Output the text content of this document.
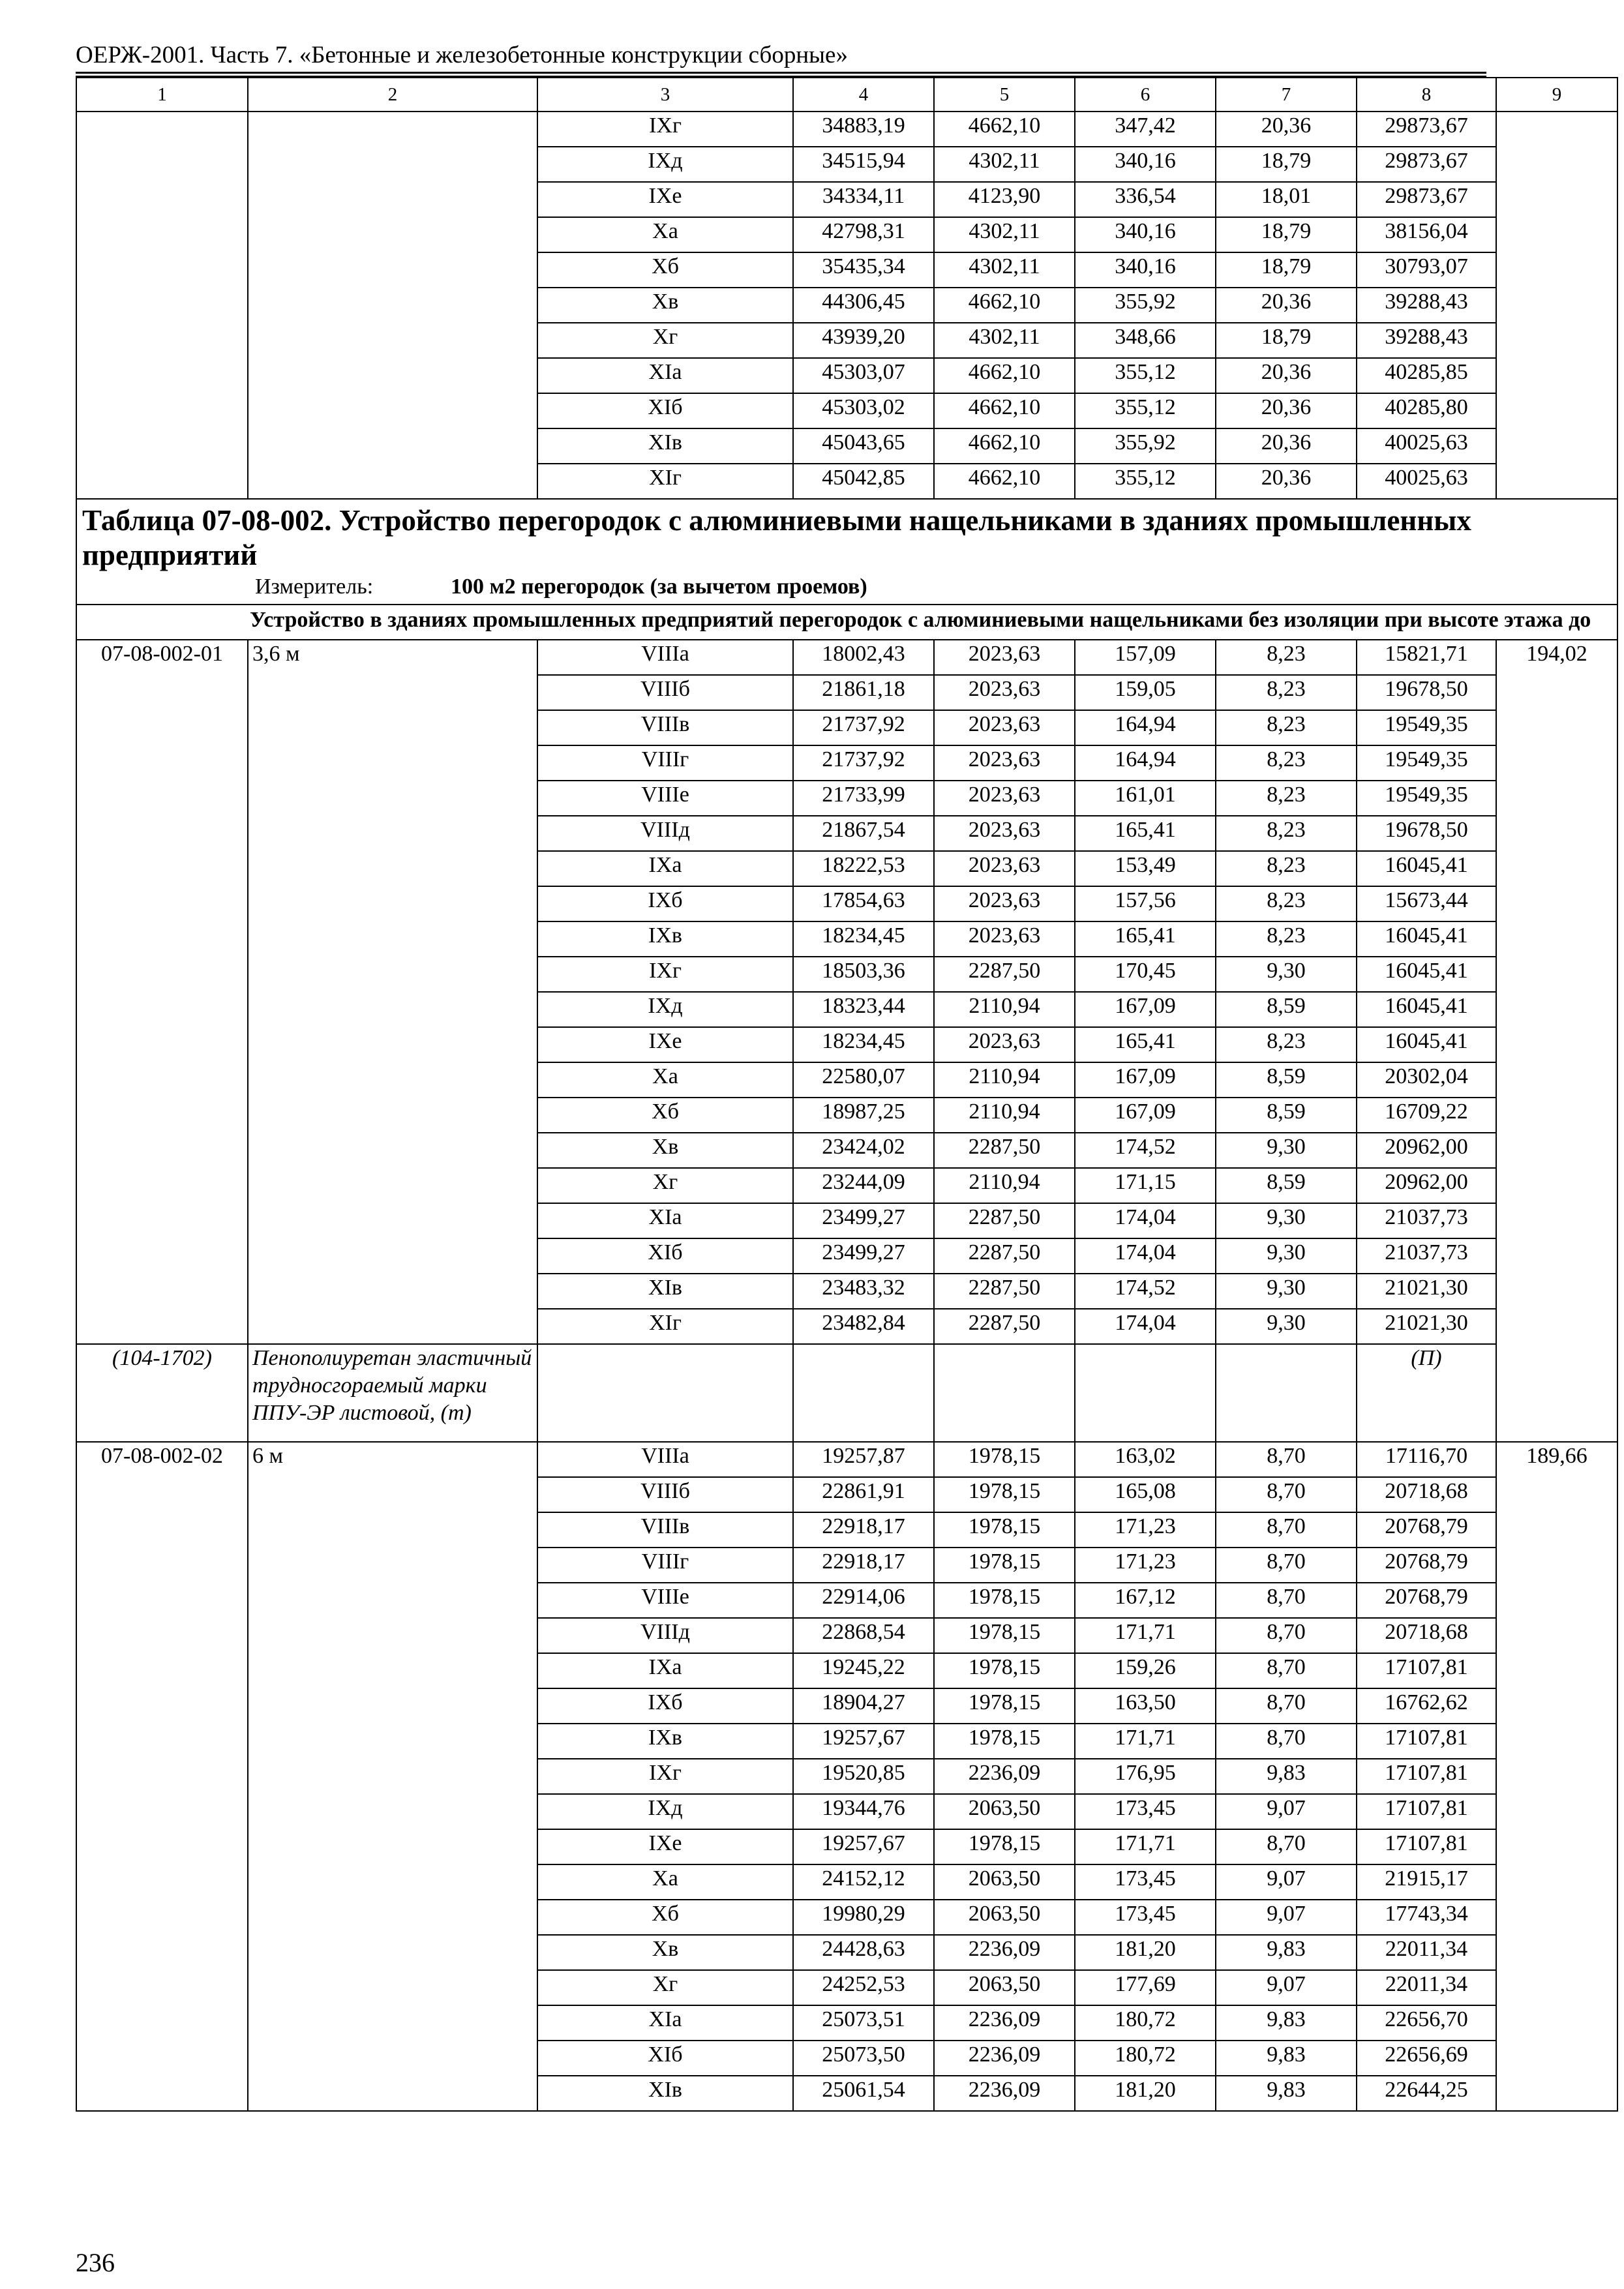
ОЕРЖ-2001. Часть 7. «Бетонные и железобетонные конструкции сборные»
1	2	3	4	5	6	7	8	9
		IXг	34883,19	4662,10	347,42	20,36	29873,67	
		IXд	34515,94	4302,11	340,16	18,79	29873,67	
		IXе	34334,11	4123,90	336,54	18,01	29873,67	
		Xа	42798,31	4302,11	340,16	18,79	38156,04	
		Xб	35435,34	4302,11	340,16	18,79	30793,07	
		Xв	44306,45	4662,10	355,92	20,36	39288,43	
		Xг	43939,20	4302,11	348,66	18,79	39288,43	
		XIа	45303,07	4662,10	355,12	20,36	40285,85	
		XIб	45303,02	4662,10	355,12	20,36	40285,80	
		XIв	45043,65	4662,10	355,92	20,36	40025,63	
		XIг	45042,85	4662,10	355,12	20,36	40025,63	

Таблица 07-08-002. Устройство перегородок с алюминиевыми нащельниками в зданиях промышленных предприятий
Измеритель: 100 м2 перегородок (за вычетом проемов)								

Устройство в зданиях промышленных предприятий перегородок с алюминиевыми нащельниками без изоляции при высоте этажа до								
07-08-002-01	3,6 м	VIIIа	18002,43	2023,63	157,09	8,23	15821,71	194,02
		VIIIб	21861,18	2023,63	159,05	8,23	19678,50	
		VIIIв	21737,92	2023,63	164,94	8,23	19549,35	
		VIIIг	21737,92	2023,63	164,94	8,23	19549,35	
		VIIIе	21733,99	2023,63	161,01	8,23	19549,35	
		VIIIд	21867,54	2023,63	165,41	8,23	19678,50	
		IXа	18222,53	2023,63	153,49	8,23	16045,41	
		IXб	17854,63	2023,63	157,56	8,23	15673,44	
		IXв	18234,45	2023,63	165,41	8,23	16045,41	
		IXг	18503,36	2287,50	170,45	9,30	16045,41	
		IXд	18323,44	2110,94	167,09	8,59	16045,41	
		IXе	18234,45	2023,63	165,41	8,23	16045,41	
		Xа	22580,07	2110,94	167,09	8,59	20302,04	
		Xб	18987,25	2110,94	167,09	8,59	16709,22	
		Xв	23424,02	2287,50	174,52	9,30	20962,00	
		Xг	23244,09	2110,94	171,15	8,59	20962,00	
		XIа	23499,27	2287,50	174,04	9,30	21037,73	
		XIб	23499,27	2287,50	174,04	9,30	21037,73	
		XIв	23483,32	2287,50	174,52	9,30	21021,30	
		XIг	23482,84	2287,50	174,04	9,30	21021,30	
(104-1702)	Пенополиуретан эластичный трудносгораемый марки ППУ-ЭР листовой, (т)						(П)	
07-08-002-02	6 м	VIIIа	19257,87	1978,15	163,02	8,70	17116,70	189,66
		VIIIб	22861,91	1978,15	165,08	8,70	20718,68	
		VIIIв	22918,17	1978,15	171,23	8,70	20768,79	
		VIIIг	22918,17	1978,15	171,23	8,70	20768,79	
		VIIIе	22914,06	1978,15	167,12	8,70	20768,79	
		VIIIд	22868,54	1978,15	171,71	8,70	20718,68	
		IXа	19245,22	1978,15	159,26	8,70	17107,81	
		IXб	18904,27	1978,15	163,50	8,70	16762,62	
		IXв	19257,67	1978,15	171,71	8,70	17107,81	
		IXг	19520,85	2236,09	176,95	9,83	17107,81	
		IXд	19344,76	2063,50	173,45	9,07	17107,81	
		IXе	19257,67	1978,15	171,71	8,70	17107,81	
		Xа	24152,12	2063,50	173,45	9,07	21915,17	
		Xб	19980,29	2063,50	173,45	9,07	17743,34	
		Xв	24428,63	2236,09	181,20	9,83	22011,34	
		Xг	24252,53	2063,50	177,69	9,07	22011,34	
		XIа	25073,51	2236,09	180,72	9,83	22656,70	
		XIб	25073,50	2236,09	180,72	9,83	22656,69	
		XIв	25061,54	2236,09	181,20	9,83	22644,25	
236
